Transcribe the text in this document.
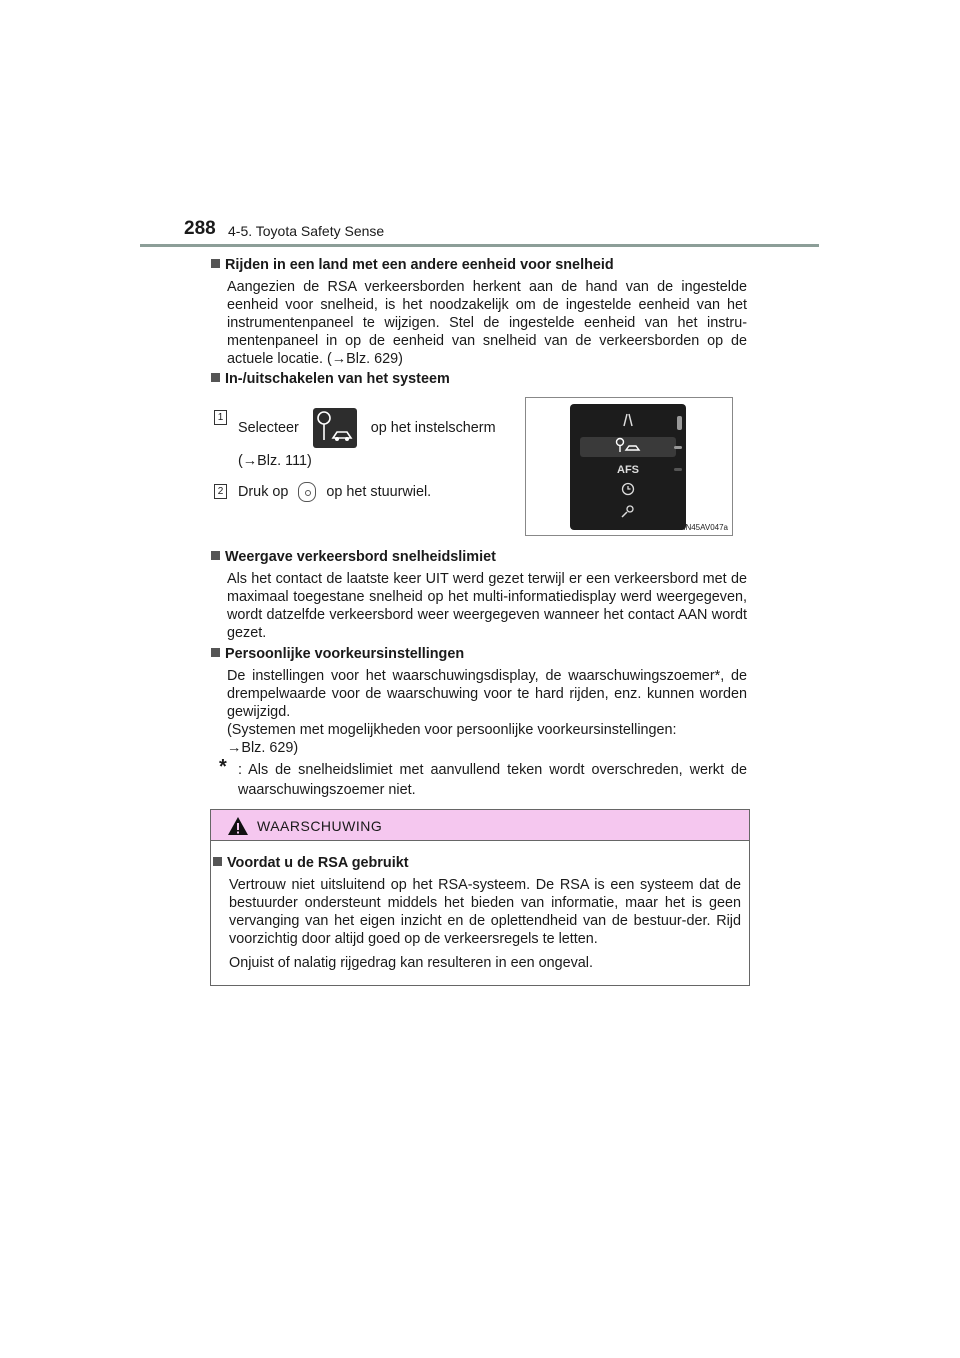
288 4-5. Toyota Safety Sense

Rijden in een land met een andere eenheid voor snelheid

Aangezien de RSA verkeersborden herkent aan de hand van de ingestelde eenheid voor snelheid, is het noodzakelijk om de ingestelde eenheid van het instrumentenpaneel te wijzigen. Stel de ingestelde eenheid van het instru-mentenpaneel in op de eenheid van snelheid van de verkeersborden op de actuele locatie. (→Blz. 629)

In-/uitschakelen van het systeem

1
Selecteer	op het instelscherm
(→Blz. 111)
2 Druk op	op het stuurwiel.
AFS
IN45AV047a

Weergave verkeersbord snelheidslimiet

Als het contact de laatste keer UIT werd gezet terwijl er een verkeersbord met de maximaal toegestane snelheid op het multi-informatiedisplay werd weergegeven, wordt datzelfde verkeersbord weer weergegeven wanneer het contact AAN wordt gezet.

Persoonlijke voorkeursinstellingen

De instellingen voor het waarschuwingsdisplay, de waarschuwingszoemer*, de drempelwaarde voor de waarschuwing voor te hard rijden, enz. kunnen worden gewijzigd.

(Systemen met mogelijkheden voor persoonlijke voorkeursinstellingen:

→Blz. 629)

* : Als de snelheidslimiet met aanvullend teken wordt overschreden, werkt de waarschuwingszoemer niet.
WAARSCHUWING

Voordat u de RSA gebruikt

Vertrouw niet uitsluitend op het RSA-systeem. De RSA is een systeem dat de bestuurder ondersteunt middels het bieden van informatie, maar het is geen vervanging van het eigen inzicht en de oplettendheid van de bestuur-der. Rijd voorzichtig door altijd goed op de verkeersregels te letten.

Onjuist of nalatig rijgedrag kan resulteren in een ongeval.
